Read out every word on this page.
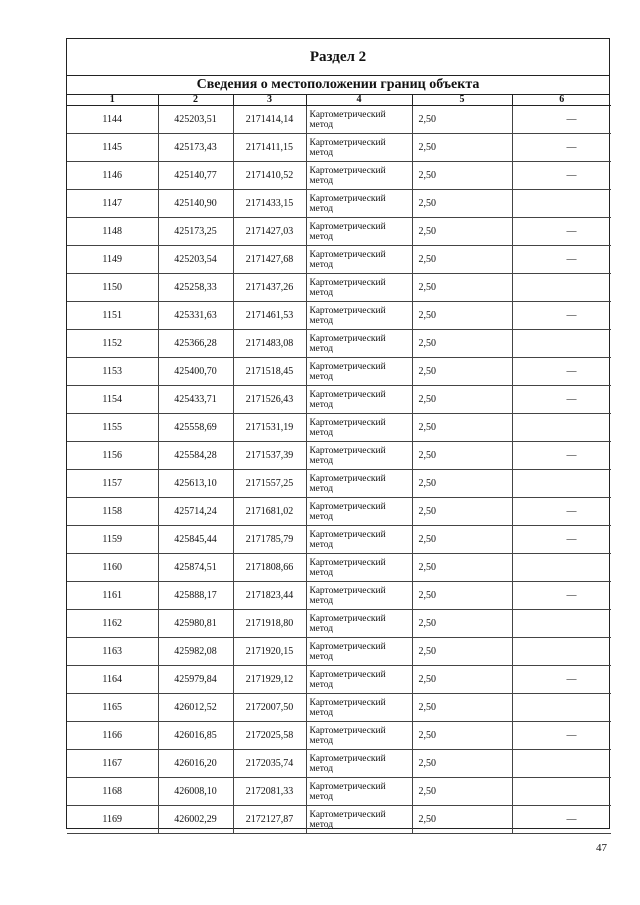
Раздел 2
Сведения о местоположении границ объекта
1	2	3	4	5	6
1144	425203,51	2171414,14	Картометрический метод	2,50	—
1145	425173,43	2171411,15	Картометрический метод	2,50	—
1146	425140,77	2171410,52	Картометрический метод	2,50	—
1147	425140,90	2171433,15	Картометрический метод	2,50	
1148	425173,25	2171427,03	Картометрический метод	2,50	—
1149	425203,54	2171427,68	Картометрический метод	2,50	—
1150	425258,33	2171437,26	Картометрический метод	2,50	
1151	425331,63	2171461,53	Картометрический метод	2,50	—
1152	425366,28	2171483,08	Картометрический метод	2,50	
1153	425400,70	2171518,45	Картометрический метод	2,50	—
1154	425433,71	2171526,43	Картометрический метод	2,50	—
1155	425558,69	2171531,19	Картометрический метод	2,50	
1156	425584,28	2171537,39	Картометрический метод	2,50	—
1157	425613,10	2171557,25	Картометрический метод	2,50	
1158	425714,24	2171681,02	Картометрический метод	2,50	—
1159	425845,44	2171785,79	Картометрический метод	2,50	—
1160	425874,51	2171808,66	Картометрический метод	2,50	
1161	425888,17	2171823,44	Картометрический метод	2,50	—
1162	425980,81	2171918,80	Картометрический метод	2,50	
1163	425982,08	2171920,15	Картометрический метод	2,50	
1164	425979,84	2171929,12	Картометрический метод	2,50	—
1165	426012,52	2172007,50	Картометрический метод	2,50	
1166	426016,85	2172025,58	Картометрический метод	2,50	—
1167	426016,20	2172035,74	Картометрический метод	2,50	
1168	426008,10	2172081,33	Картометрический метод	2,50	
1169	426002,29	2172127,87	Картометрический метод	2,50	—
47
